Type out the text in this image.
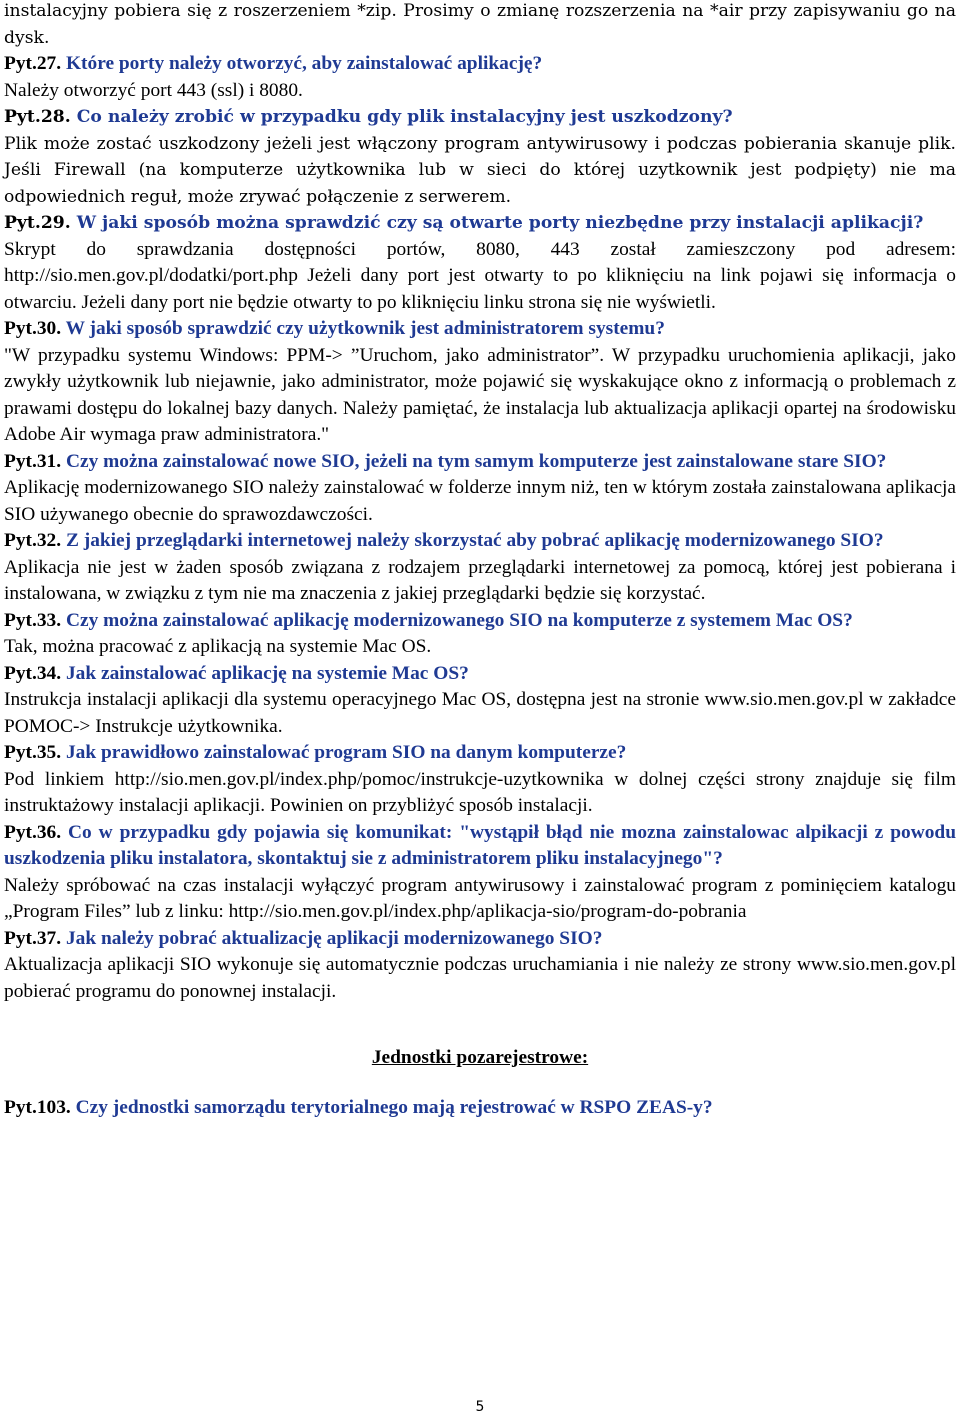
instalacyjny pobiera się z roszerzeniem *zip. Prosimy o zmianę rozszerzenia na *air przy zapisywaniu go na dysk.

Pyt.27. Które porty należy otworzyć, aby zainstalować aplikację?

Należy otworzyć port 443 (ssl) i 8080.

Pyt.28. Co należy zrobić w przypadku gdy plik instalacyjny jest uszkodzony?

Plik może zostać uszkodzony jeżeli jest włączony program antywirusowy i podczas pobierania skanuje plik. Jeśli Firewall (na komputerze użytkownika lub w sieci do której uzytkownik jest podpięty) nie ma odpowiednich reguł, może zrywać połączenie z serwerem.

Pyt.29. W jaki sposób można sprawdzić czy są otwarte porty niezbędne przy instalacji aplikacji?

Skrypt do sprawdzania dostępności portów, 8080, 443 został zamieszczony pod adresem: http://sio.men.gov.pl/dodatki/port.php Jeżeli dany port jest otwarty to po kliknięciu na link pojawi się informacja o otwarciu. Jeżeli dany port nie będzie otwarty to po kliknięciu linku strona się nie wyświetli.

Pyt.30. W jaki sposób sprawdzić czy użytkownik jest administratorem systemu?

"W przypadku systemu Windows: PPM-> ”Uruchom, jako administrator”. W przypadku uruchomienia aplikacji, jako zwykły użytkownik lub niejawnie, jako administrator, może pojawić się wyskakujące okno z informacją o problemach z prawami dostępu do lokalnej bazy danych. Należy pamiętać, że instalacja lub aktualizacja aplikacji opartej na środowisku Adobe Air wymaga praw administratora."

Pyt.31. Czy można zainstalować nowe SIO, jeżeli na tym samym komputerze jest zainstalowane stare SIO?

Aplikację modernizowanego SIO należy zainstalować w folderze innym niż, ten w którym została zainstalowana aplikacja SIO używanego obecnie do sprawozdawczości.

Pyt.32. Z jakiej przeglądarki internetowej należy skorzystać aby pobrać aplikację modernizowanego SIO?

Aplikacja nie jest w żaden sposób związana z rodzajem przeglądarki internetowej za pomocą, której jest pobierana i instalowana, w związku z tym nie ma znaczenia z jakiej przeglądarki będzie się korzystać.

Pyt.33. Czy można zainstalować aplikację modernizowanego SIO na komputerze z systemem Mac OS?

Tak, można pracować z aplikacją na systemie Mac OS.

Pyt.34. Jak zainstalować aplikację na systemie Mac OS?

Instrukcja instalacji aplikacji dla systemu operacyjnego Mac OS, dostępna jest na stronie www.sio.men.gov.pl w zakładce POMOC-> Instrukcje użytkownika.

Pyt.35. Jak prawidłowo zainstalować program SIO na danym komputerze?

Pod linkiem http://sio.men.gov.pl/index.php/pomoc/instrukcje-uzytkownika w dolnej części strony znajduje się film instruktażowy instalacji aplikacji. Powinien on przybliżyć sposób instalacji.

Pyt.36. Co w przypadku gdy pojawia się komunikat: "wystąpił błąd nie mozna zainstalowac alpikacji z powodu uszkodzenia pliku instalatora, skontaktuj sie z administratorem pliku instalacyjnego"?

Należy spróbować na czas instalacji wyłączyć program antywirusowy i zainstalować program z pominięciem katalogu „Program Files” lub z linku: http://sio.men.gov.pl/index.php/aplikacja-sio/program-do-pobrania

Pyt.37. Jak należy pobrać aktualizację aplikacji modernizowanego SIO?

Aktualizacja aplikacji SIO wykonuje się automatycznie podczas uruchamiania i nie należy ze strony www.sio.men.gov.pl pobierać programu do ponownej instalacji.

Jednostki pozarejestrowe:

Pyt.103. Czy jednostki samorządu terytorialnego mają rejestrować w RSPO ZEAS-y?

5
